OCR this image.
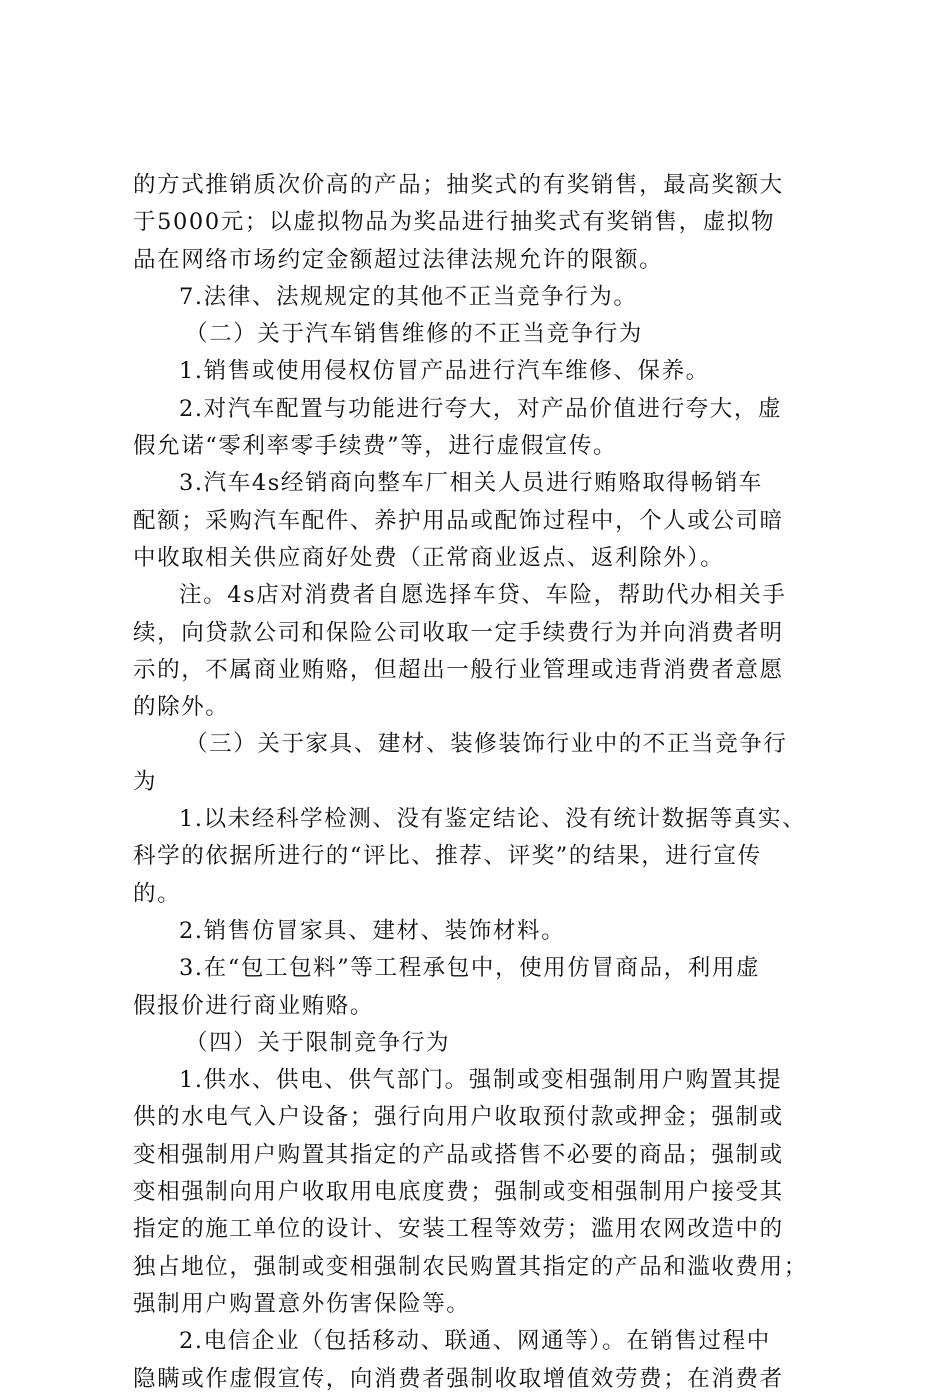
的方式推销质次价高的产品；抽奖式的有奖销售，最高奖额大
于5000元；以虚拟物品为奖品进行抽奖式有奖销售，虚拟物
品在网络市场约定金额超过法律法规允许的限额。
7.法律、法规规定的其他不正当竞争行为。
（二）关于汽车销售维修的不正当竞争行为
1.销售或使用侵权仿冒产品进行汽车维修、保养。
2.对汽车配置与功能进行夸大，对产品价值进行夸大，虚
假允诺“零利率零手续费”等，进行虚假宣传。
3.汽车4s经销商向整车厂相关人员进行贿赂取得畅销车
配额；采购汽车配件、养护用品或配饰过程中，个人或公司暗
中收取相关供应商好处费（正常商业返点、返利除外）。
注。4s店对消费者自愿选择车贷、车险，帮助代办相关手
续，向贷款公司和保险公司收取一定手续费行为并向消费者明
示的，不属商业贿赂，但超出一般行业管理或违背消费者意愿
的除外。
（三）关于家具、建材、装修装饰行业中的不正当竞争行
为
1.以未经科学检测、没有鉴定结论、没有统计数据等真实、
科学的依据所进行的“评比、推荐、评奖”的结果，进行宣传
的。
2.销售仿冒家具、建材、装饰材料。
3.在“包工包料”等工程承包中，使用仿冒商品，利用虚
假报价进行商业贿赂。
（四）关于限制竞争行为
1.供水、供电、供气部门。强制或变相强制用户购置其提
供的水电气入户设备；强行向用户收取预付款或押金；强制或
变相强制用户购置其指定的产品或搭售不必要的商品；强制或
变相强制向用户收取用电底度费；强制或变相强制用户接受其
指定的施工单位的设计、安装工程等效劳；滥用农网改造中的
独占地位，强制或变相强制农民购置其指定的产品和滥收费用；
强制用户购置意外伤害保险等。
2.电信企业（包括移动、联通、网通等）。在销售过程中
隐瞒或作虚假宣传，向消费者强制收取增值效劳费；在消费者
